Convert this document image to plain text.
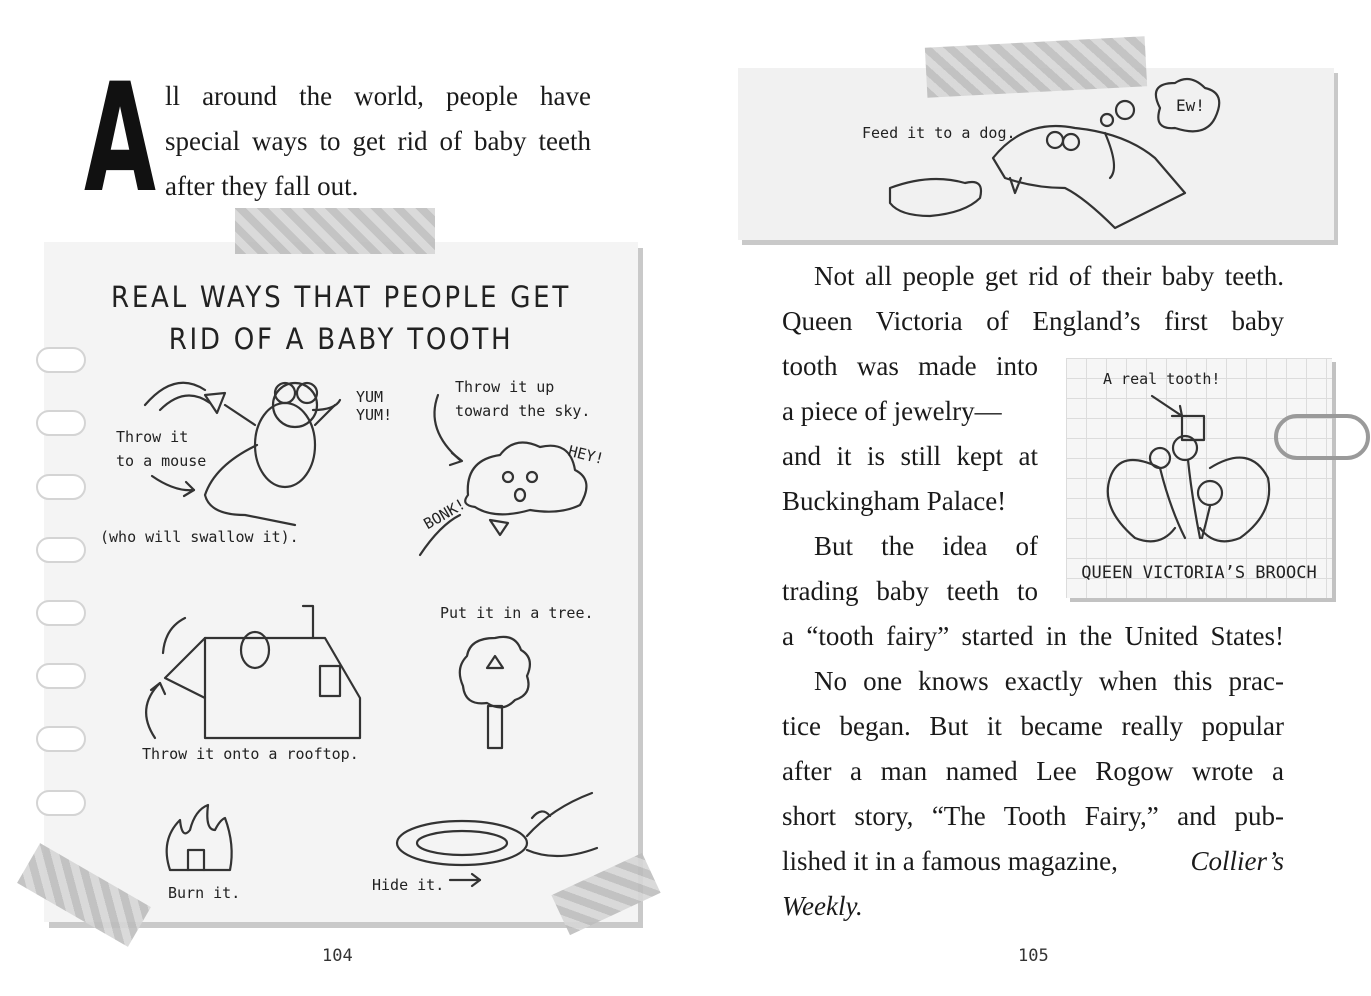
A ll around the world, people have
special ways to get rid of baby teeth
after they fall out.
REAL WAYS THAT PEOPLE GET
RID OF A BABY TOOTH
Throw it
to a mouse
YUM
YUM!
(who will swallow it).
Throw it up
toward the sky.
HEY!
BONK!
Throw it onto a rooftop.
Put it in a tree.
Burn it.	Hide it.
104
Feed it to a dog.
Ew!
Not all people get rid of their baby teeth.
Queen Victoria of England’s first baby
tooth was made into
a piece of jewelry—
and it is still kept at
Buckingham Palace!
But the idea of
trading baby teeth to
a “tooth fairy” started in the United States!
No one knows exactly when this prac-
tice began. But it became really popular
after a man named Lee Rogow wrote a
short story, “The Tooth Fairy,” and pub-
lished it in a famous magazine,	Collier’s
Weekly.
A real tooth!
QUEEN VICTORIA’S BROOCH
105
